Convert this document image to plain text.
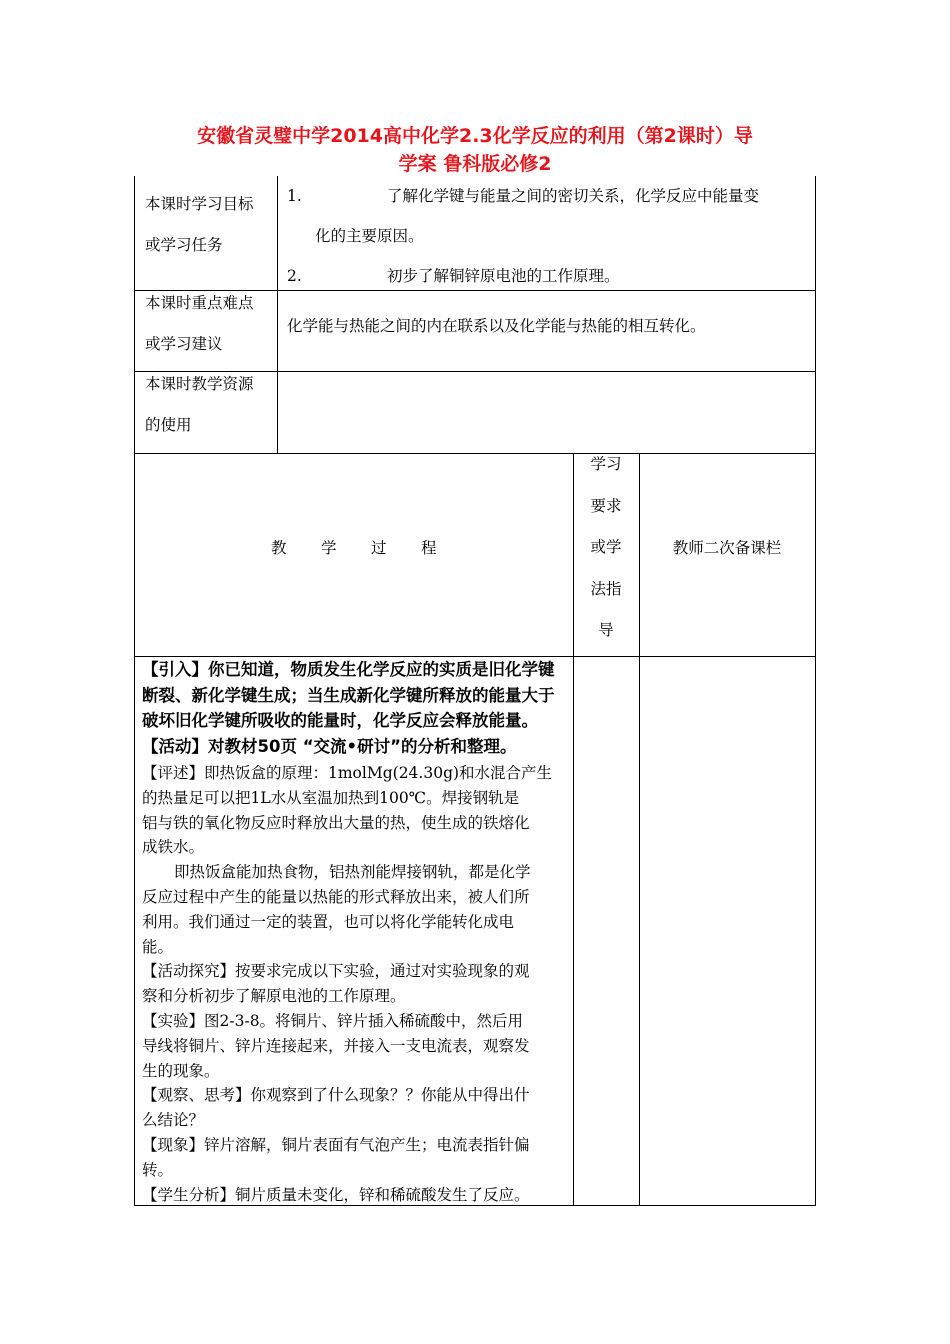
安徽省灵璧中学2014高中化学2.3化学反应的利用（第2课时）导
学案 鲁科版必修2
本课时学习目标
或学习任务
1.	了解化学键与能量之间的密切关系，化学反应中能量变
化的主要原因。
2.	初步了解铜锌原电池的工作原理。
本课时重点难点
或学习建议
化学能与热能之间的内在联系以及化学能与热能的相互转化。
本课时教学资源
的使用
教 学 过 程
学习
要求
或学
法指
导
教师二次备课栏
【引入】你已知道，物质发生化学反应的实质是旧化学键
断裂、新化学键生成；当生成新化学键所释放的能量大于
破坏旧化学键所吸收的能量时，化学反应会释放能量。
【活动】对教材50页 “交流•研讨”的分析和整理。
【评述】即热饭盒的原理：1molMg(24.30g)和水混合产生
的热量足可以把1L水从室温加热到100℃。焊接钢轨是
铝与铁的氧化物反应时释放出大量的热，使生成的铁熔化
成铁水。
即热饭盒能加热食物，铝热剂能焊接钢轨，都是化学
反应过程中产生的能量以热能的形式释放出来，被人们所
利用。我们通过一定的装置，也可以将化学能转化成电
能。
【活动探究】按要求完成以下实验，通过对实验现象的观
察和分析初步了解原电池的工作原理。
【实验】图2-3-8。将铜片、锌片插入稀硫酸中，然后用
导线将铜片、锌片连接起来，并接入一支电流表，观察发
生的现象。
【观察、思考】你观察到了什么现象？？你能从中得出什
么结论？
【现象】锌片溶解，铜片表面有气泡产生；电流表指针偏
转。
【学生分析】铜片质量未变化，锌和稀硫酸发生了反应。
